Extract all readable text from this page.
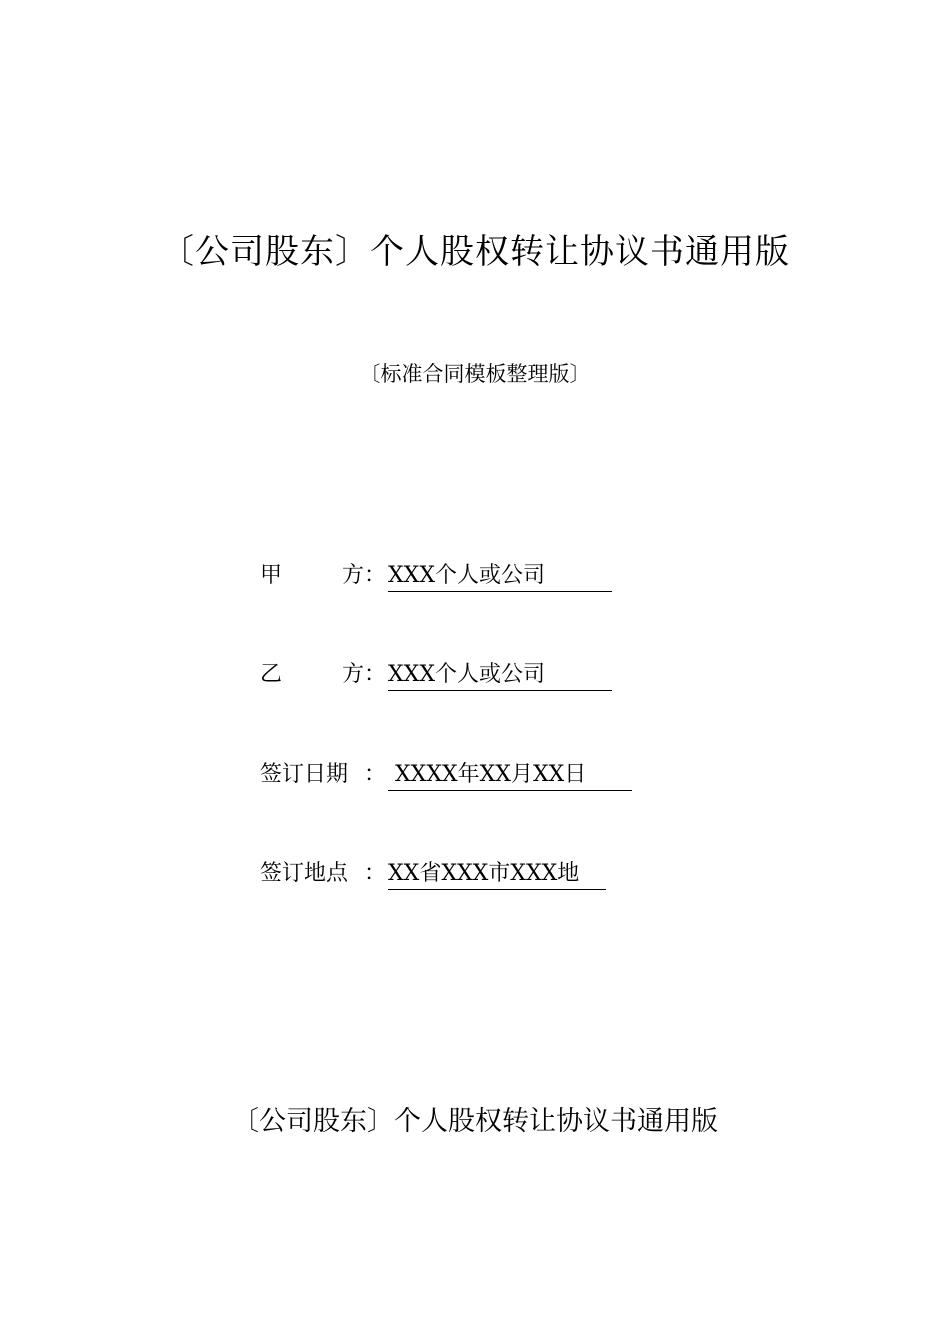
〔公司股东〕个人股权转让协议书通用版
〔标准合同模板整理版〕
甲	方 ：XXX个人或公司
乙	方 ：XXX个人或公司
签订日期 ： XXXX年XX月XX日
签订地点 ：XX省XXX市XXX地
〔公司股东〕个人股权转让协议书通用版
